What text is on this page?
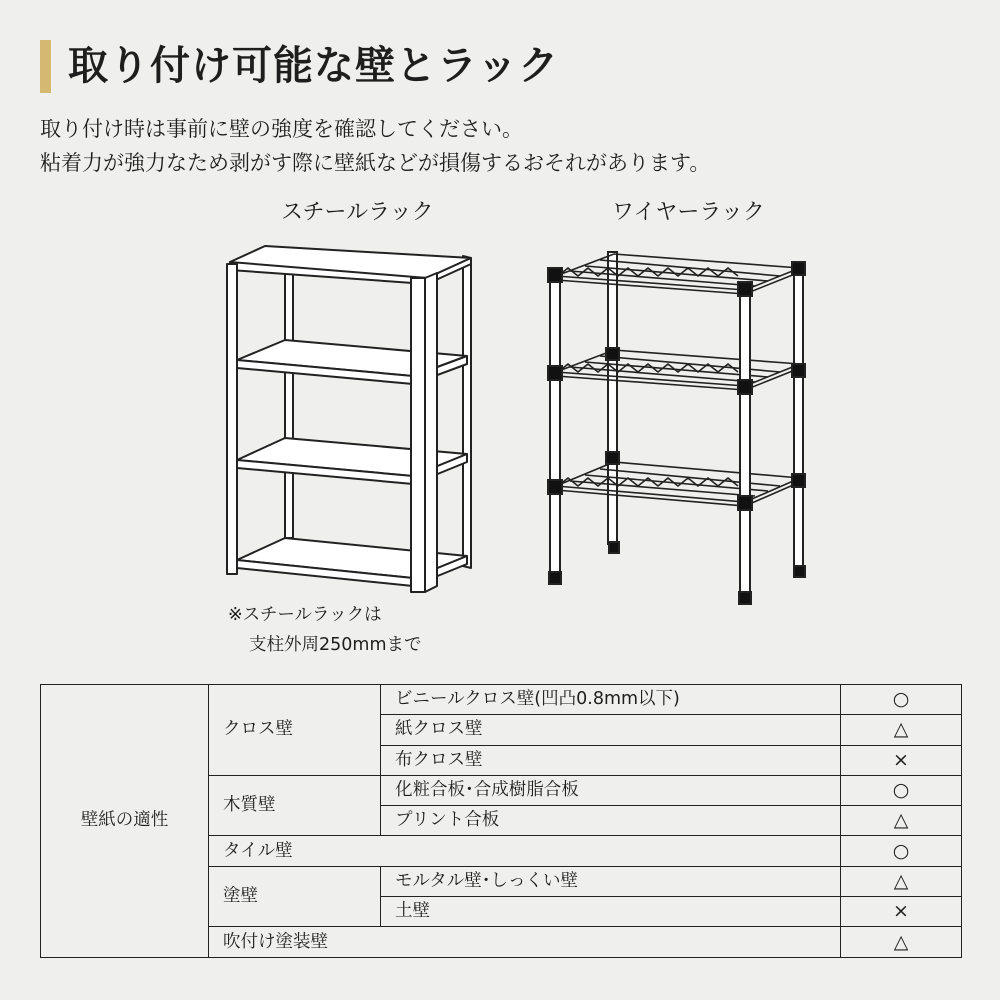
取り付け可能な壁とラック
取り付け時は事前に壁の強度を確認してください。
粘着力が強力なため剥がす際に壁紙などが損傷するおそれがあります。
スチールラック	ワイヤーラック
※スチールラックは
支柱外周250mmまで
壁紙の適性	クロス壁	ビニールクロス壁(凹凸0.8mm以下)	○
		紙クロス壁	△
		布クロス壁	×
	木質壁	化粧合板･合成樹脂合板	○
		プリント合板	△
	タイル壁		○
	塗壁	モルタル壁･しっくい壁	△
		土壁	×
	吹付け塗装壁		△
